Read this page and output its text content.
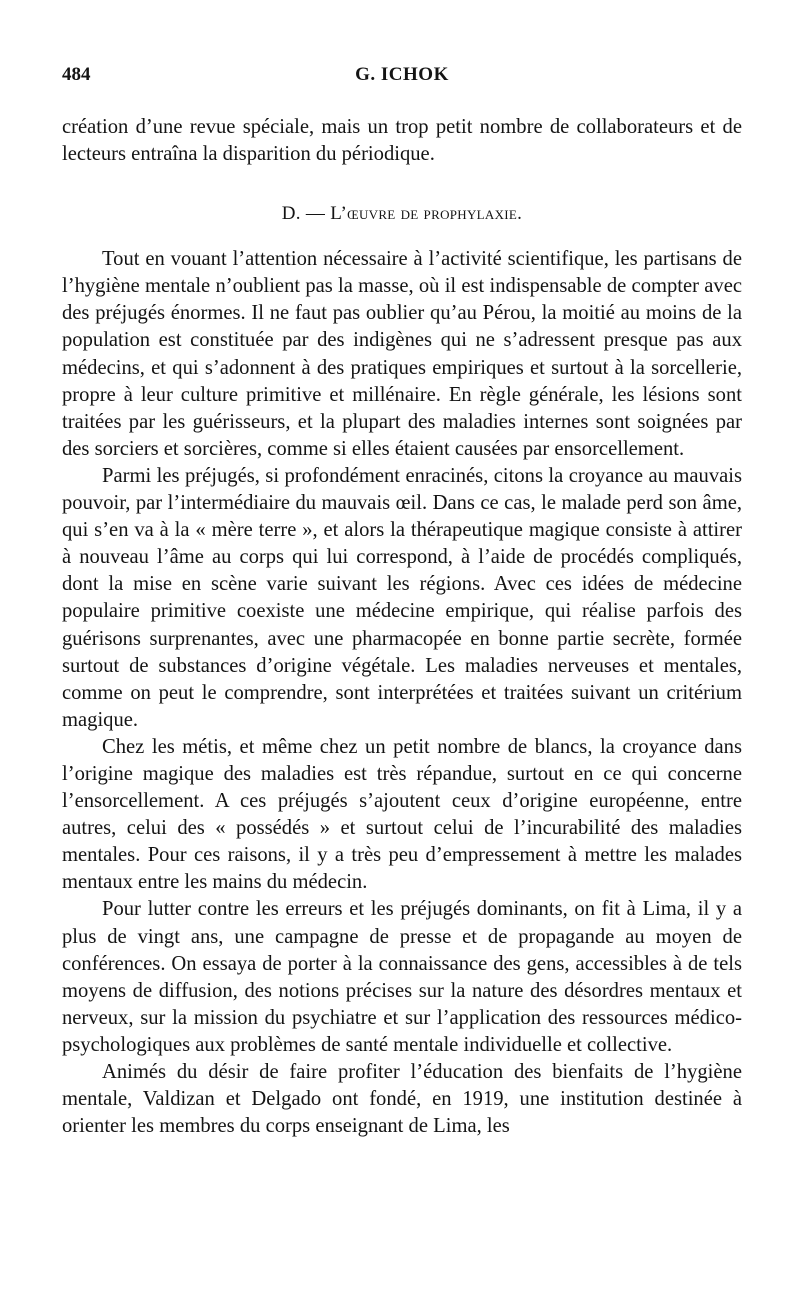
484	G. ICHOK

création d’une revue spéciale, mais un trop petit nombre de collaborateurs et de lecteurs entraîna la disparition du périodique.

D. — L’œuvre de prophylaxie.

Tout en vouant l’attention nécessaire à l’activité scientifique, les partisans de l’hygiène mentale n’oublient pas la masse, où il est indispensable de compter avec des préjugés énormes. Il ne faut pas oublier qu’au Pérou, la moitié au moins de la population est constituée par des indigènes qui ne s’adressent presque pas aux médecins, et qui s’adonnent à des pratiques empiriques et surtout à la sorcellerie, propre à leur culture primitive et millénaire. En règle générale, les lésions sont traitées par les guérisseurs, et la plupart des maladies internes sont soignées par des sorciers et sorcières, comme si elles étaient causées par ensorcellement.

Parmi les préjugés, si profondément enracinés, citons la croyance au mauvais pouvoir, par l’intermédiaire du mauvais œil. Dans ce cas, le malade perd son âme, qui s’en va à la « mère terre », et alors la thérapeutique magique consiste à attirer à nouveau l’âme au corps qui lui correspond, à l’aide de procédés compliqués, dont la mise en scène varie suivant les régions. Avec ces idées de médecine populaire primitive coexiste une médecine empirique, qui réalise parfois des guérisons surprenantes, avec une pharmacopée en bonne partie secrète, formée surtout de substances d’origine végétale. Les maladies nerveuses et mentales, comme on peut le comprendre, sont interprétées et traitées suivant un critérium magique.

Chez les métis, et même chez un petit nombre de blancs, la croyance dans l’origine magique des maladies est très répandue, surtout en ce qui concerne l’ensorcellement. A ces préjugés s’ajoutent ceux d’origine européenne, entre autres, celui des « possédés » et surtout celui de l’incurabilité des maladies mentales. Pour ces raisons, il y a très peu d’empressement à mettre les malades mentaux entre les mains du médecin.

Pour lutter contre les erreurs et les préjugés dominants, on fit à Lima, il y a plus de vingt ans, une campagne de presse et de propagande au moyen de conférences. On essaya de porter à la connaissance des gens, accessibles à de tels moyens de diffusion, des notions précises sur la nature des désordres mentaux et nerveux, sur la mission du psychiatre et sur l’application des ressources médico-psychologiques aux problèmes de santé mentale individuelle et collective.

Animés du désir de faire profiter l’éducation des bienfaits de l’hygiène mentale, Valdizan et Delgado ont fondé, en 1919, une institution destinée à orienter les membres du corps enseignant de Lima, les
